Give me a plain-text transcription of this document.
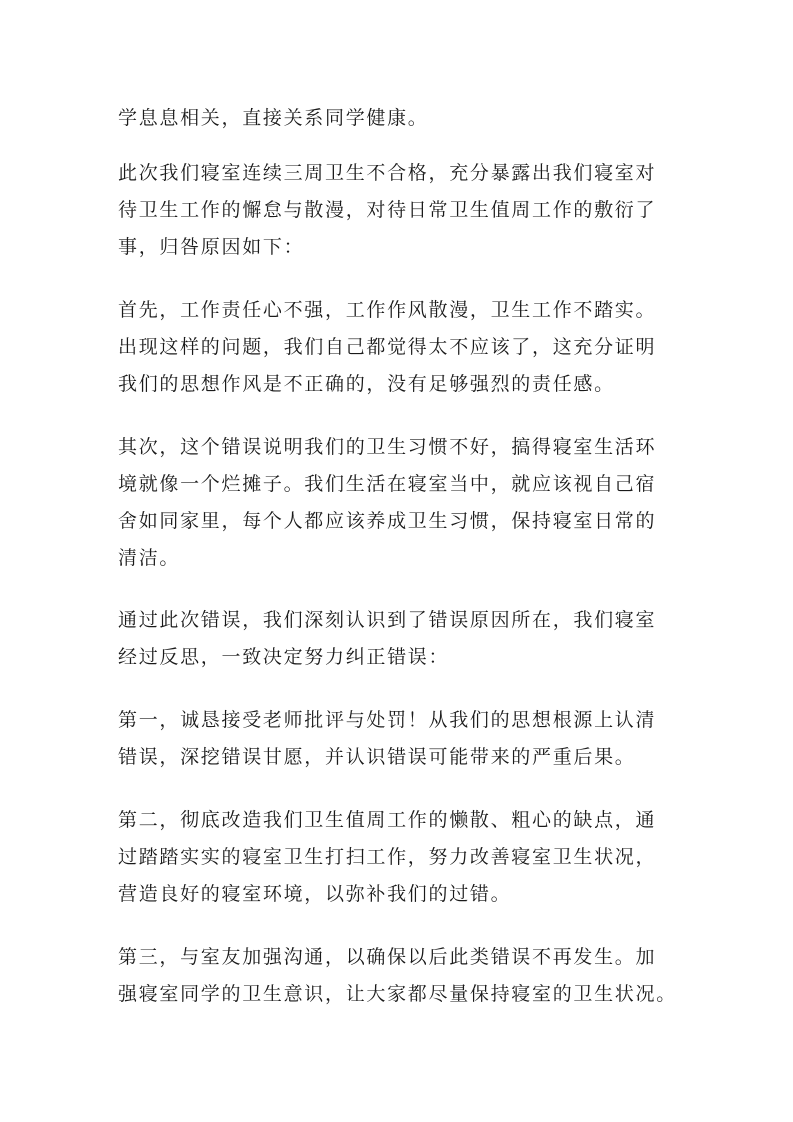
学息息相关，直接关系同学健康。
此次我们寝室连续三周卫生不合格，充分暴露出我们寝室对
待卫生工作的懈怠与散漫，对待日常卫生值周工作的敷衍了
事，归咎原因如下：
首先，工作责任心不强，工作作风散漫，卫生工作不踏实。
出现这样的问题，我们自己都觉得太不应该了，这充分证明
我们的思想作风是不正确的，没有足够强烈的责任感。
其次，这个错误说明我们的卫生习惯不好，搞得寝室生活环
境就像一个烂摊子。我们生活在寝室当中，就应该视自己宿
舍如同家里，每个人都应该养成卫生习惯，保持寝室日常的
清洁。
通过此次错误，我们深刻认识到了错误原因所在，我们寝室
经过反思，一致决定努力纠正错误：
第一，诚恳接受老师批评与处罚！从我们的思想根源上认清
错误，深挖错误甘愿，并认识错误可能带来的严重后果。
第二，彻底改造我们卫生值周工作的懒散、粗心的缺点，通
过踏踏实实的寝室卫生打扫工作，努力改善寝室卫生状况，
营造良好的寝室环境，以弥补我们的过错。
第三，与室友加强沟通，以确保以后此类错误不再发生。加
强寝室同学的卫生意识，让大家都尽量保持寝室的卫生状况。
